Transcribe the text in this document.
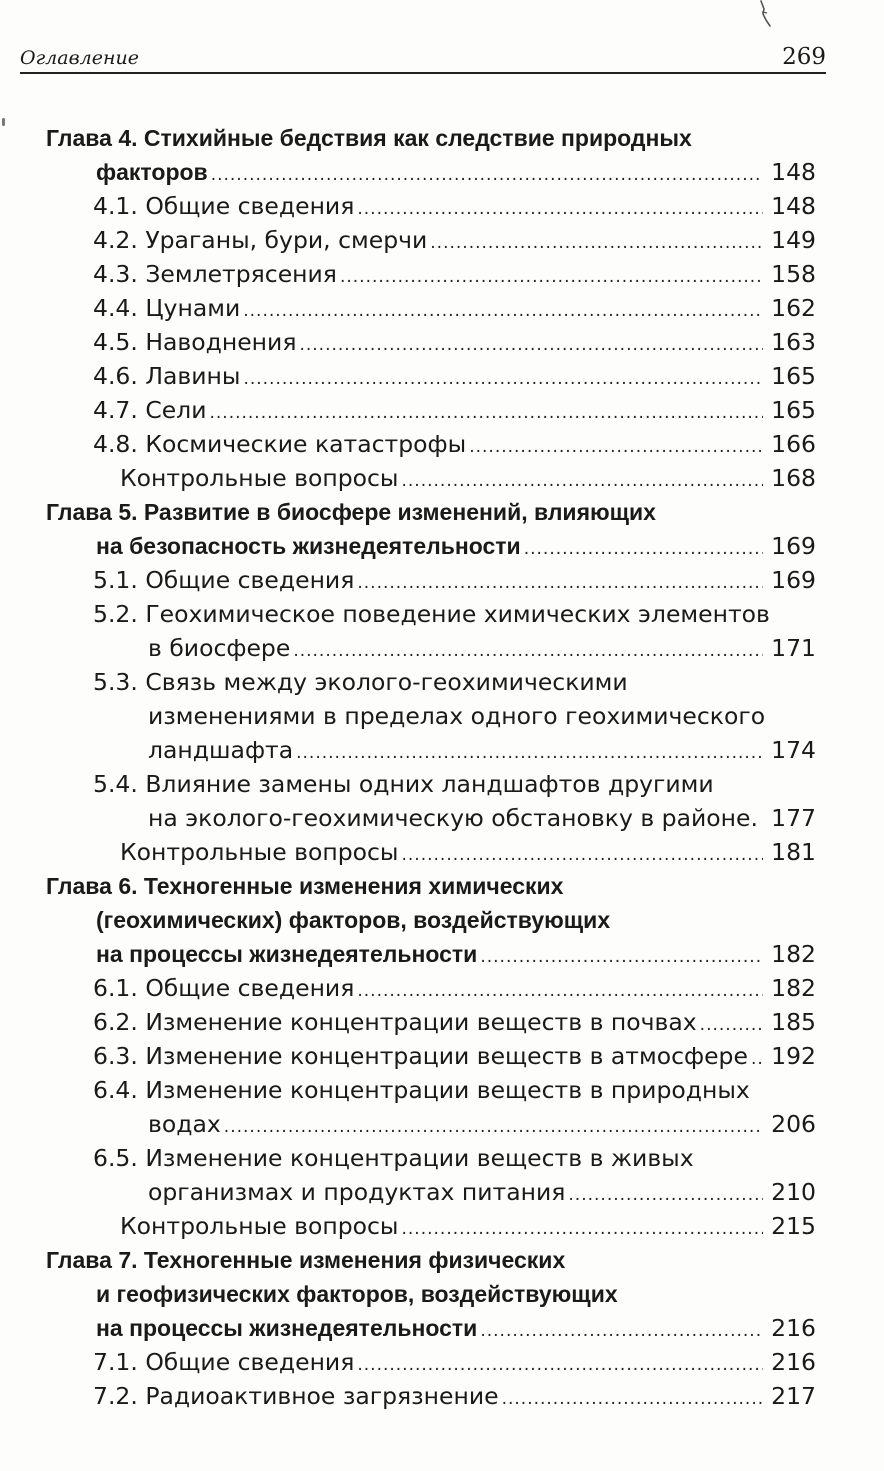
Оглавление	269
Глава 4. Стихийные бедствия как следствие природных
факторов .....	148
4.1. Общие сведения .....	148
4.2. Ураганы, бури, смерчи .....	149
4.3. Землетрясения .....	158
4.4. Цунами .....	162
4.5. Наводнения .....	163
4.6. Лавины .....	165
4.7. Сели .....	165
4.8. Космические катастрофы .....	166
Контрольные вопросы .....	168
Глава 5. Развитие в биосфере изменений, влияющих
на безопасность жизнедеятельности .....	169
5.1. Общие сведения .....	169
5.2. Геохимическое поведение химических элементов
в биосфере .....	171
5.3. Связь между эколого-геохимическими
изменениями в пределах одного геохимического
ландшафта .....	174
5.4. Влияние замены одних ландшафтов другими
на эколого-геохимическую обстановку в районе. 177
Контрольные вопросы .....	181
Глава 6. Техногенные изменения химических
(геохимических) факторов, воздействующих
на процессы жизнедеятельности .....	182
6.1. Общие сведения .....	182
6.2. Изменение концентрации веществ в почвах .....	185
6.3. Изменение концентрации веществ в атмосфере ..... 192
6.4. Изменение концентрации веществ в природных
водах .....	206
6.5. Изменение концентрации веществ в живых
организмах и продуктах питания .....	210
Контрольные вопросы .....	215
Глава 7. Техногенные изменения физических
и геофизических факторов, воздействующих
на процессы жизнедеятельности .....	216
7.1. Общие сведения .....	216
7.2. Радиоактивное загрязнение .....	217
